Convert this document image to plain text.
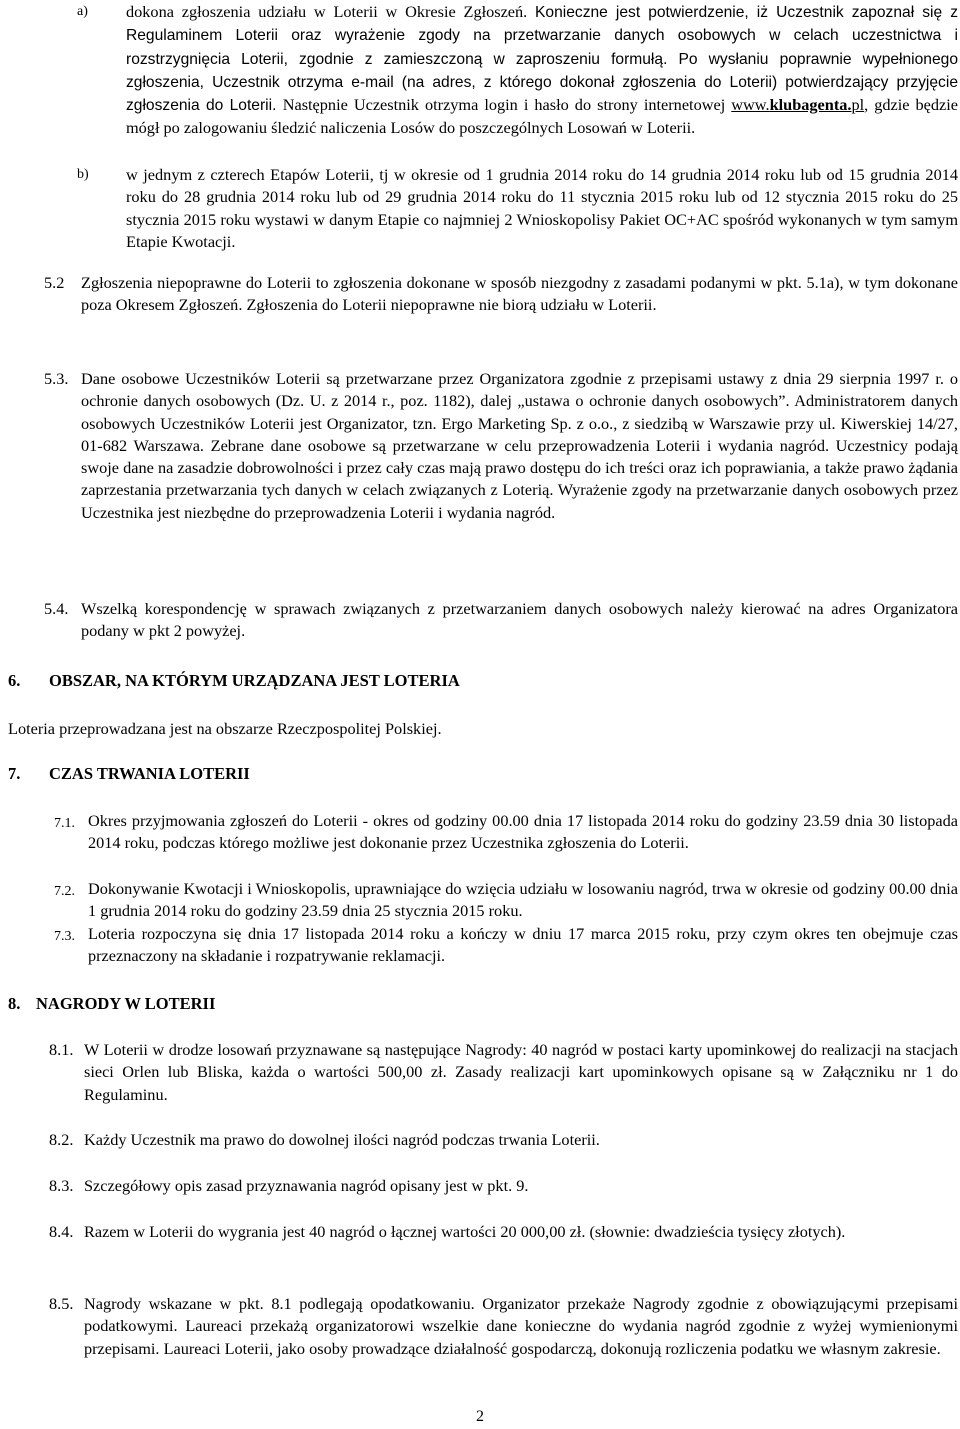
a) dokona zgłoszenia udziału w Loterii w Okresie Zgłoszeń. Konieczne jest potwierdzenie, iż Uczestnik zapoznał się z Regulaminem Loterii oraz wyrażenie zgody na przetwarzanie danych osobowych w celach uczestnictwa i rozstrzygnięcia Loterii, zgodnie z zamieszczoną w zaproszeniu formułą. Po wysłaniu poprawnie wypełnionego zgłoszenia, Uczestnik otrzyma e-mail (na adres, z którego dokonał zgłoszenia do Loterii) potwierdzający przyjęcie zgłoszenia do Loterii. Następnie Uczestnik otrzyma login i hasło do strony internetowej www.klubagenta.pl, gdzie będzie mógł po zalogowaniu śledzić naliczenia Losów do poszczególnych Losowań w Loterii.
b) w jednym z czterech Etapów Loterii, tj w okresie od 1 grudnia 2014 roku do 14 grudnia 2014 roku lub od 15 grudnia 2014 roku do 28 grudnia 2014 roku lub od 29 grudnia 2014 roku do 11 stycznia 2015 roku lub od 12 stycznia 2015 roku do 25 stycznia 2015 roku wystawi w danym Etapie co najmniej 2 Wnioskopolisy Pakiet OC+AC spośród wykonanych w tym samym Etapie Kwotacji.
5.2 Zgłoszenia niepoprawne do Loterii to zgłoszenia dokonane w sposób niezgodny z zasadami podanymi w pkt. 5.1a), w tym dokonane poza Okresem Zgłoszeń. Zgłoszenia do Loterii niepoprawne nie biorą udziału w Loterii.
5.3. Dane osobowe Uczestników Loterii są przetwarzane przez Organizatora zgodnie z przepisami ustawy z dnia 29 sierpnia 1997 r. o ochronie danych osobowych (Dz. U. z 2014 r., poz. 1182), dalej „ustawa o ochronie danych osobowych”. Administratorem danych osobowych Uczestników Loterii jest Organizator, tzn. Ergo Marketing Sp. z o.o., z siedzibą w Warszawie przy ul. Kiwerskiej 14/27, 01-682 Warszawa. Zebrane dane osobowe są przetwarzane w celu przeprowadzenia Loterii i wydania nagród. Uczestnicy podają swoje dane na zasadzie dobrowolności i przez cały czas mają prawo dostępu do ich treści oraz ich poprawiania, a także prawo żądania zaprzestania przetwarzania tych danych w celach związanych z Loterią. Wyrażenie zgody na przetwarzanie danych osobowych przez Uczestnika jest niezbędne do przeprowadzenia Loterii i wydania nagród.
5.4. Wszelką korespondencję w sprawach związanych z przetwarzaniem danych osobowych należy kierować na adres Organizatora podany w pkt 2 powyżej.
6. OBSZAR, NA KTÓRYM URZĄDZANA JEST LOTERIA
Loteria przeprowadzana jest na obszarze Rzeczpospolitej Polskiej.
7. CZAS TRWANIA LOTERII
7.1. Okres przyjmowania zgłoszeń do Loterii - okres od godziny 00.00 dnia 17 listopada 2014 roku do godziny 23.59 dnia 30 listopada 2014 roku, podczas którego możliwe jest dokonanie przez Uczestnika zgłoszenia do Loterii.
7.2. Dokonywanie Kwotacji i Wnioskopolis, uprawniające do wzięcia udziału w losowaniu nagród, trwa w okresie od godziny 00.00 dnia 1 grudnia 2014 roku do godziny 23.59 dnia 25 stycznia 2015 roku.
7.3. Loteria rozpoczyna się dnia 17 listopada 2014 roku a kończy w dniu 17 marca 2015 roku, przy czym okres ten obejmuje czas przeznaczony na składanie i rozpatrywanie reklamacji.
8. NAGRODY W LOTERII
8.1. W Loterii w drodze losowań przyznawane są następujące Nagrody: 40 nagród w postaci karty upominkowej do realizacji na stacjach sieci Orlen lub Bliska, każda o wartości 500,00 zł. Zasady realizacji kart upominkowych opisane są w Załączniku nr 1 do Regulaminu.
8.2. Każdy Uczestnik ma prawo do dowolnej ilości nagród podczas trwania Loterii.
8.3. Szczegółowy opis zasad przyznawania nagród opisany jest w pkt. 9.
8.4. Razem w Loterii do wygrania jest 40 nagród o łącznej wartości 20 000,00 zł. (słownie: dwadzieścia tysięcy złotych).
8.5. Nagrody wskazane w pkt. 8.1 podlegają opodatkowaniu. Organizator przekaże Nagrody zgodnie z obowiązującymi przepisami podatkowymi. Laureaci przekażą organizatorowi wszelkie dane konieczne do wydania nagród zgodnie z wyżej wymienionymi przepisami. Laureaci Loterii, jako osoby prowadzące działalność gospodarczą, dokonują rozliczenia podatku we własnym zakresie.
2
